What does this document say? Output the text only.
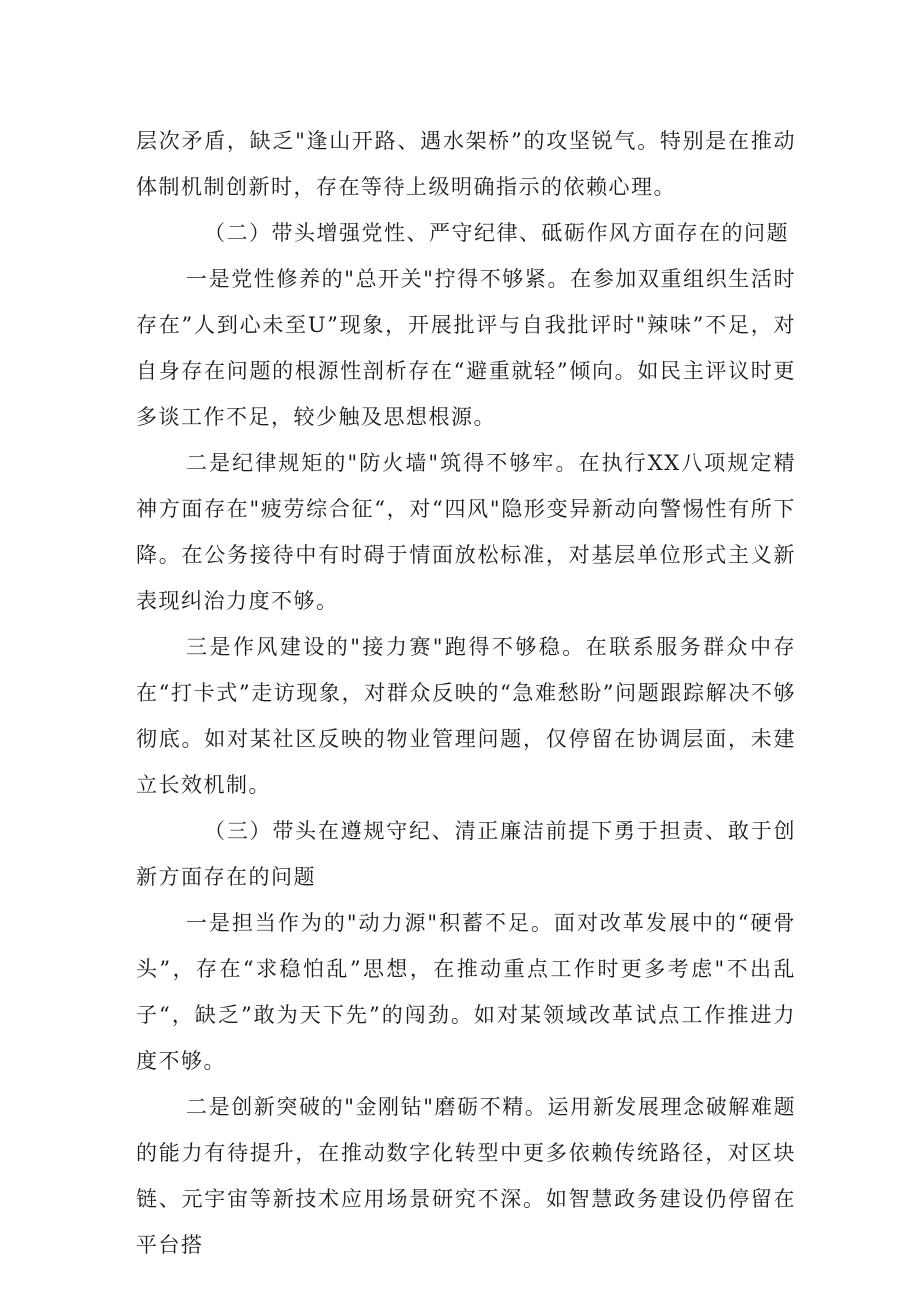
层次矛盾，缺乏"逢山开路、遇水架桥”的攻坚锐气。特别是在推动体制机制创新时，存在等待上级明确指示的依赖心理。

（二）带头增强党性、严守纪律、砥砺作风方面存在的问题

一是党性修养的"总开关"拧得不够紧。在参加双重组织生活时存在”人到心未至U”现象，开展批评与自我批评时"辣味”不足，对自身存在问题的根源性剖析存在“避重就轻”倾向。如民主评议时更多谈工作不足，较少触及思想根源。

二是纪律规矩的"防火墙"筑得不够牢。在执行XX八项规定精神方面存在"疲劳综合征“，对“四风"隐形变异新动向警惕性有所下降。在公务接待中有时碍于情面放松标准，对基层单位形式主义新表现纠治力度不够。

三是作风建设的"接力赛"跑得不够稳。在联系服务群众中存在“打卡式”走访现象，对群众反映的“急难愁盼”问题跟踪解决不够彻底。如对某社区反映的物业管理问题，仅停留在协调层面，未建立长效机制。

（三）带头在遵规守纪、清正廉洁前提下勇于担责、敢于创新方面存在的问题

一是担当作为的"动力源"积蓄不足。面对改革发展中的“硬骨头”，存在“求稳怕乱”思想，在推动重点工作时更多考虑"不出乱子“，缺乏”敢为天下先”的闯劲。如对某领域改革试点工作推进力度不够。

二是创新突破的"金刚钻"磨砺不精。运用新发展理念破解难题的能力有待提升，在推动数字化转型中更多依赖传统路径，对区块链、元宇宙等新技术应用场景研究不深。如智慧政务建设仍停留在平台搭
